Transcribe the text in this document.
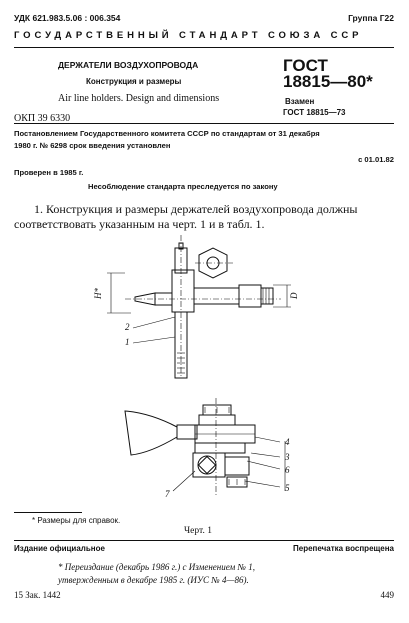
УДК 621.983.5.06 : 006.354	Группа Г22
ГОСУДАРСТВЕННЫЙ СТАНДАРТ СОЮЗА ССР
ДЕРЖАТЕЛИ ВОЗДУХОПРОВОДА
Конструкция и размеры
Air line holders. Design and dimensions
ОКП 39 6330
ГОСТ
18815—80*
Взамен
ГОСТ 18815—73
Постановлением Государственного комитета СССР по стандартам от 31 декабря
1980 г. № 6298 срок введения установлен
с 01.01.82
Проверен в 1985 г.
Несоблюдение стандарта преследуется по закону
1. Конструкция и размеры держателей воздухопровода должны
соответствовать указанным на черт. 1 и в табл. 1.
H*	D
2
1
4
3
6
5
7
* Размеры для справок.
Черт. 1
Издание официальное	Перепечатка воспрещена
* Переиздание (декабрь 1986 г.) с Изменением № 1,
утвержденным в декабре 1985 г. (ИУС № 4—86).
15 Зак. 1442	449
